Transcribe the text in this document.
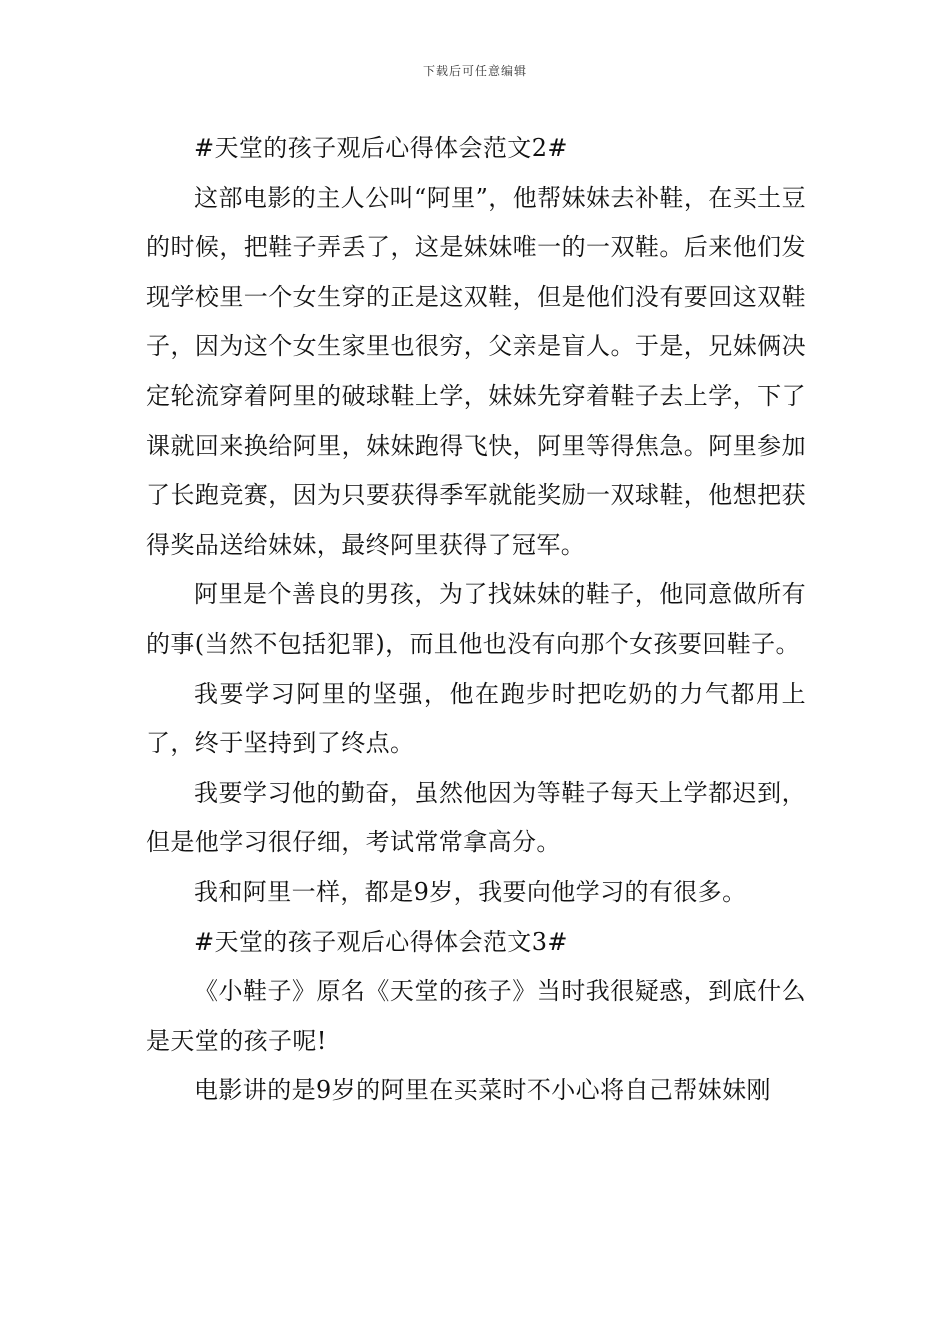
下载后可任意编辑

#天堂的孩子观后心得体会范文2#

这部电影的主人公叫“阿里”，他帮妹妹去补鞋，在买土豆的时候，把鞋子弄丢了，这是妹妹唯一的一双鞋。后来他们发现学校里一个女生穿的正是这双鞋，但是他们没有要回这双鞋子，因为这个女生家里也很穷，父亲是盲人。于是，兄妹俩决定轮流穿着阿里的破球鞋上学，妹妹先穿着鞋子去上学，下了课就回来换给阿里，妹妹跑得飞快，阿里等得焦急。阿里参加了长跑竞赛，因为只要获得季军就能奖励一双球鞋，他想把获得奖品送给妹妹，最终阿里获得了冠军。

阿里是个善良的男孩，为了找妹妹的鞋子，他同意做所有的事(当然不包括犯罪)，而且他也没有向那个女孩要回鞋子。

我要学习阿里的坚强，他在跑步时把吃奶的力气都用上了，终于坚持到了终点。

我要学习他的勤奋，虽然他因为等鞋子每天上学都迟到，但是他学习很仔细，考试常常拿高分。

我和阿里一样，都是9岁，我要向他学习的有很多。

#天堂的孩子观后心得体会范文3#

《小鞋子》原名《天堂的孩子》当时我很疑惑，到底什么是天堂的孩子呢!

电影讲的是9岁的阿里在买菜时不小心将自己帮妹妹刚
